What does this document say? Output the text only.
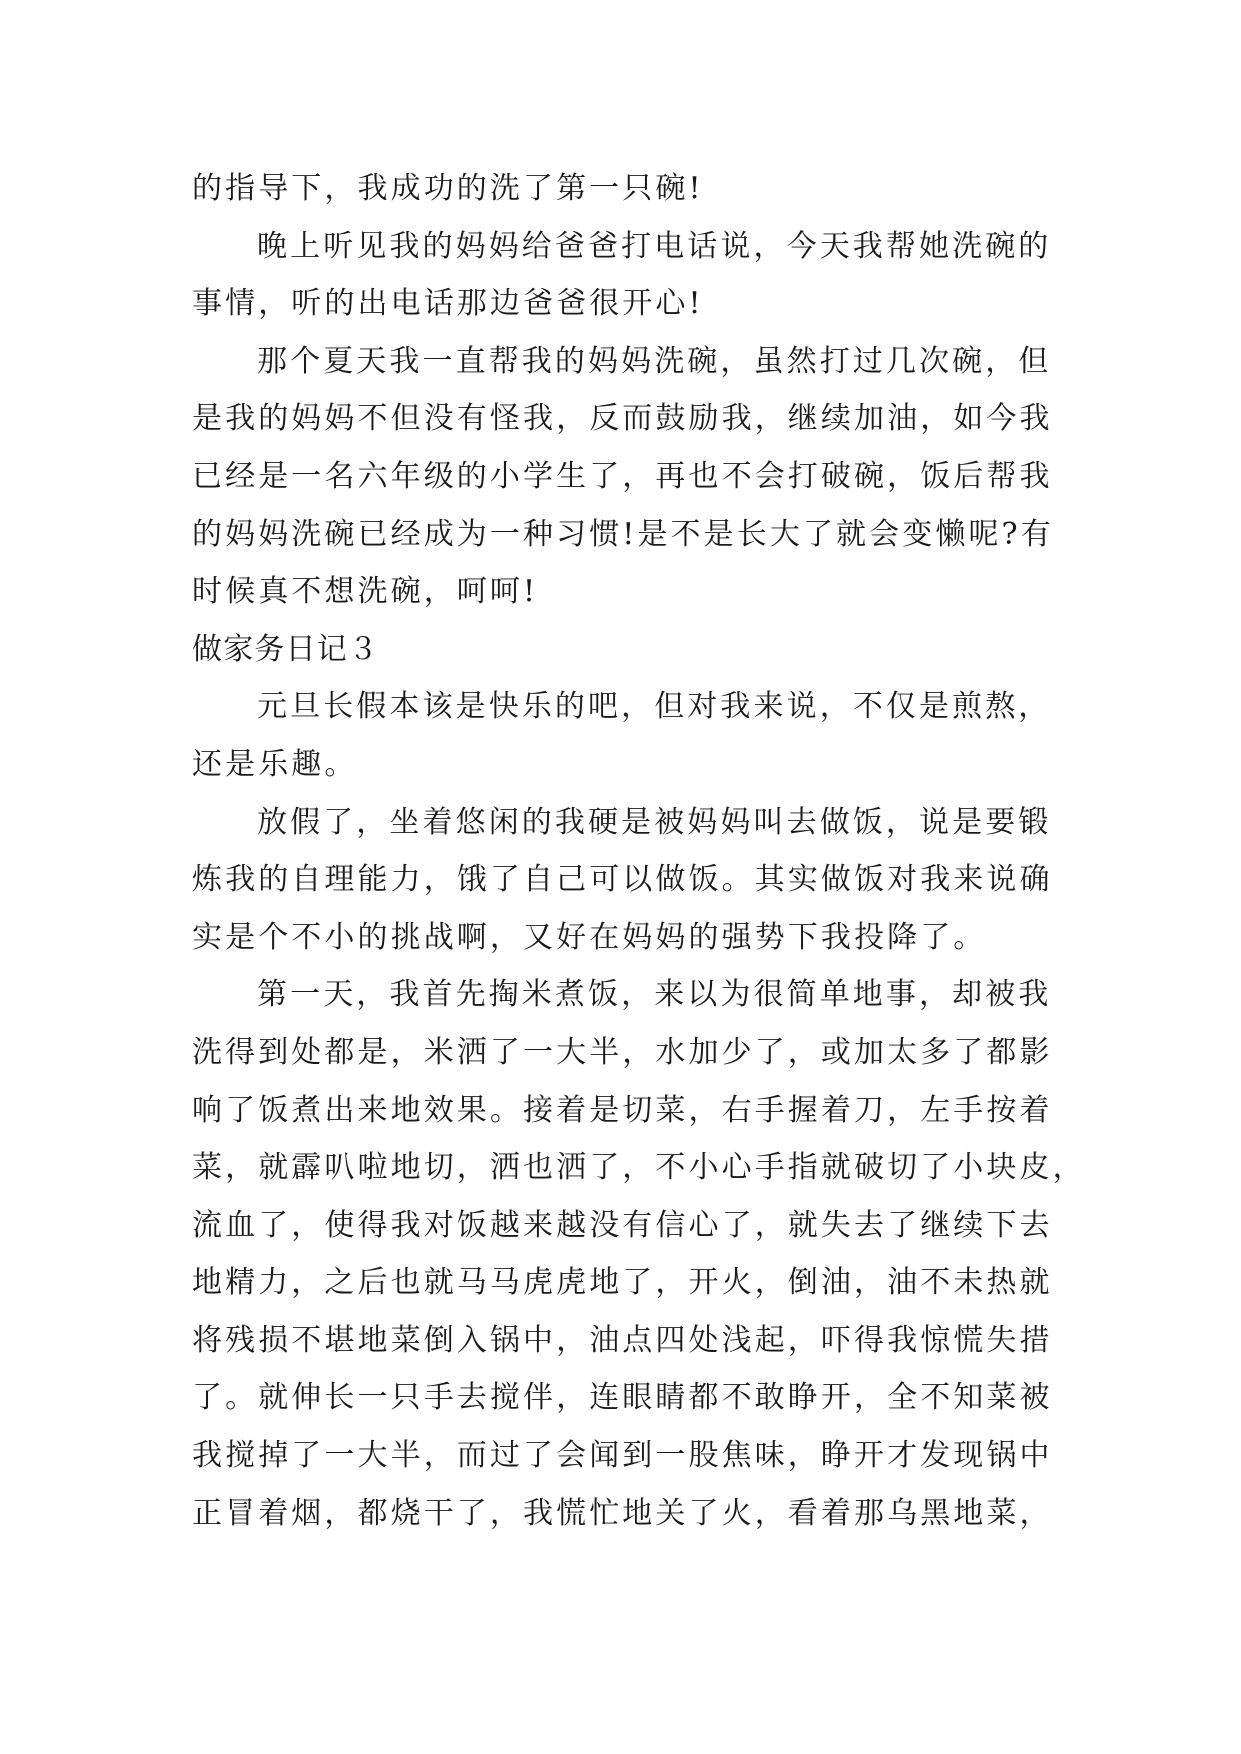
的指导下，我成功的洗了第一只碗!
晚上听见我的妈妈给爸爸打电话说，今天我帮她洗碗的
事情，听的出电话那边爸爸很开心!
那个夏天我一直帮我的妈妈洗碗，虽然打过几次碗，但
是我的妈妈不但没有怪我，反而鼓励我，继续加油，如今我
已经是一名六年级的小学生了，再也不会打破碗，饭后帮我
的妈妈洗碗已经成为一种习惯!是不是长大了就会变懒呢?有
时候真不想洗碗，呵呵!
做家务日记３
元旦长假本该是快乐的吧，但对我来说，不仅是煎熬，
还是乐趣。
放假了，坐着悠闲的我硬是被妈妈叫去做饭，说是要锻
炼我的自理能力，饿了自己可以做饭。其实做饭对我来说确
实是个不小的挑战啊，又好在妈妈的强势下我投降了。
第一天，我首先掏米煮饭，来以为很简单地事，却被我
洗得到处都是，米洒了一大半，水加少了，或加太多了都影
响了饭煮出来地效果。接着是切菜，右手握着刀，左手按着
菜，就霹叭啦地切，洒也洒了，不小心手指就破切了小块皮，
流血了，使得我对饭越来越没有信心了，就失去了继续下去
地精力，之后也就马马虎虎地了，开火，倒油，油不未热就
将残损不堪地菜倒入锅中，油点四处浅起，吓得我惊慌失措
了。就伸长一只手去搅伴，连眼睛都不敢睁开，全不知菜被
我搅掉了一大半，而过了会闻到一股焦味，睁开才发现锅中
正冒着烟，都烧干了，我慌忙地关了火，看着那乌黑地菜，
